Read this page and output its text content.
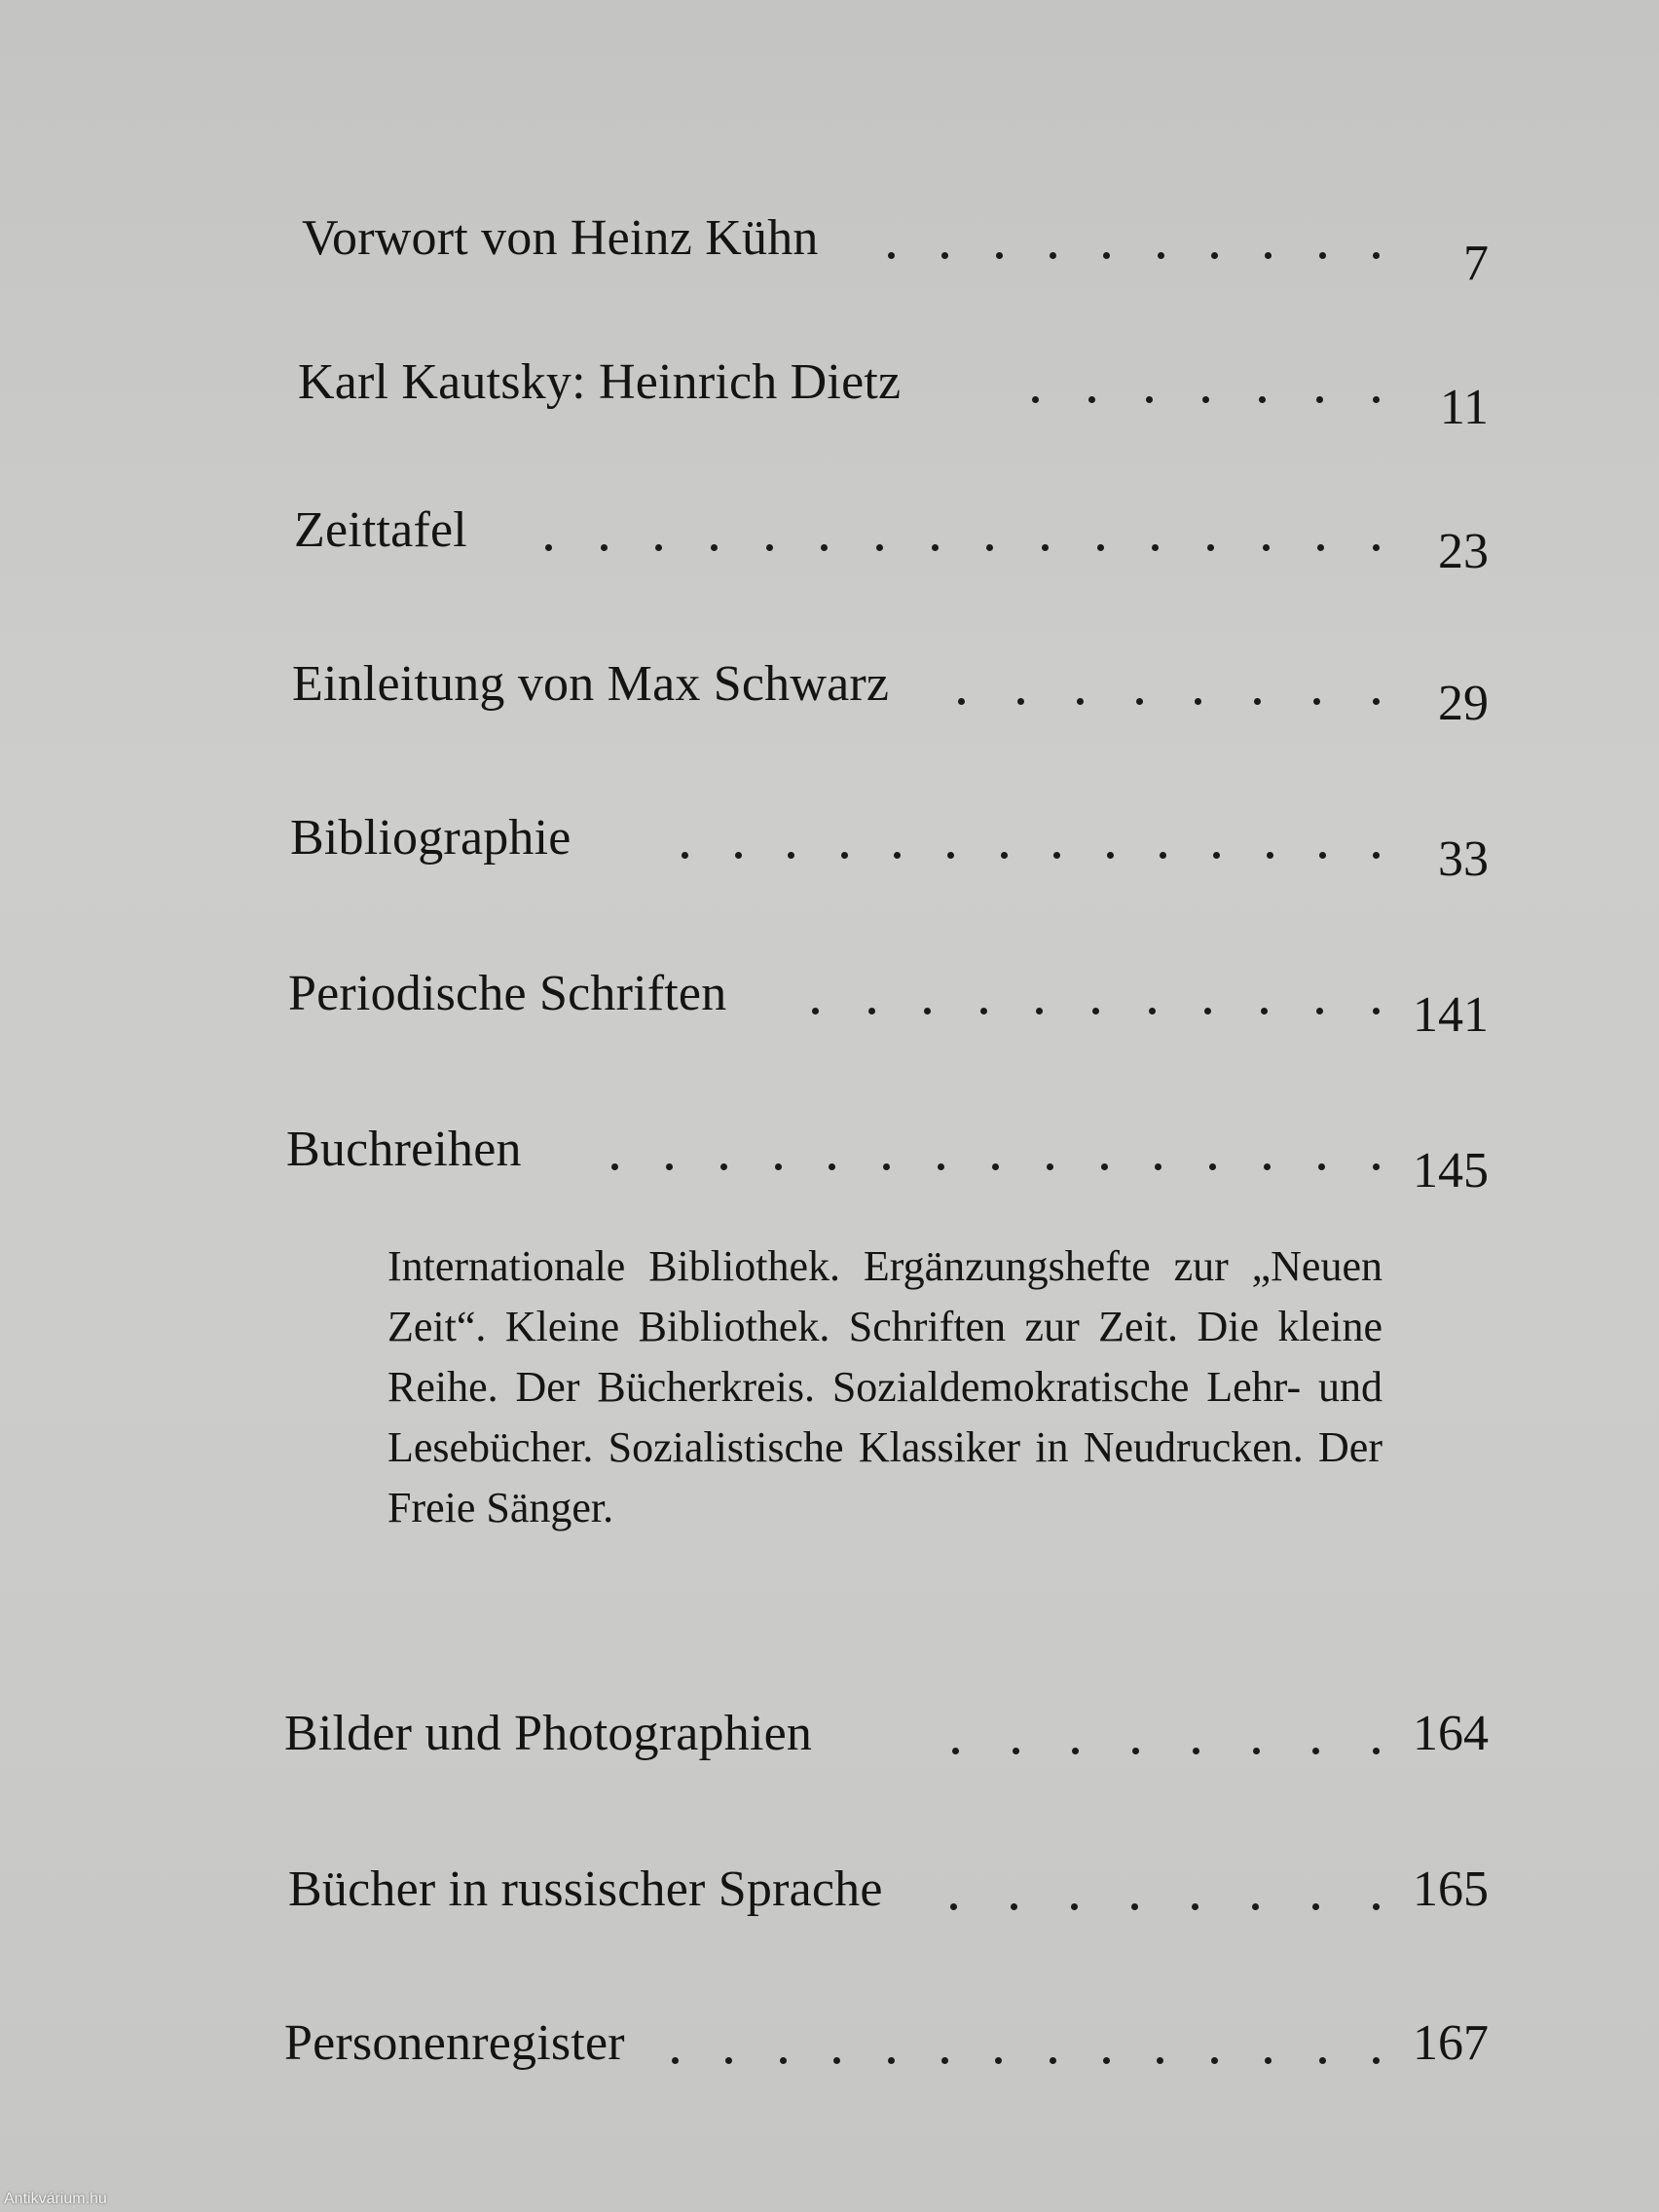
Vorwort von Heinz Kühn	7
Karl Kautsky: Heinrich Dietz	11
Zeittafel	23
Einleitung von Max Schwarz	29
Bibliographie	33
Periodische Schriften	141
Buchreihen	145
Internationale Bibliothek. Ergänzungshefte zur „Neuen Zeit“. Kleine Bibliothek. Schriften zur Zeit. Die kleine Reihe. Der Bücherkreis. Sozialdemokratische Lehr- und Lesebücher. Sozialistische Klassiker in Neudrucken. Der Freie Sänger.
Bilder und Photographien	164
Bücher in russischer Sprache	165
Personenregister	167
Antikvárium.hu
